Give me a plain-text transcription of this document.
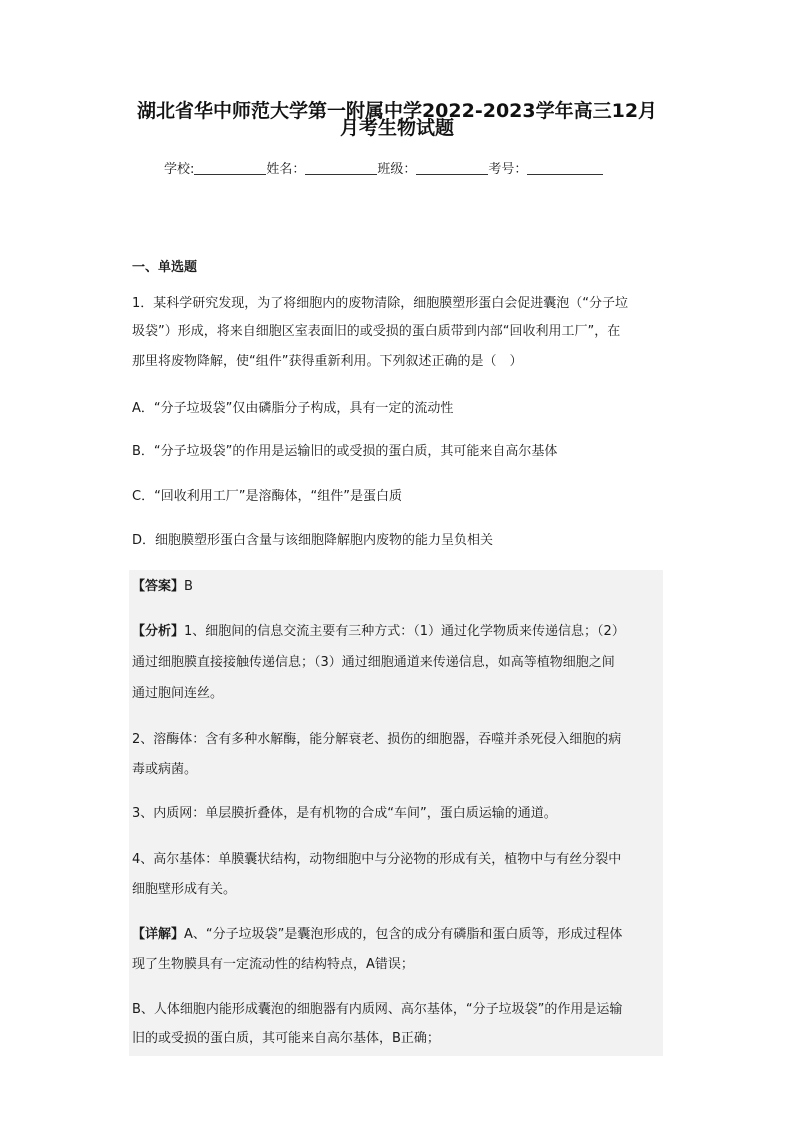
湖北省华中师范大学第一附属中学2022-2023学年高三12月
月考生物试题
学校:	姓名：	班级：	考号：
一、单选题
1．某科学研究发现，为了将细胞内的废物清除，细胞膜塑形蛋白会促进囊泡（“分子垃
圾袋”）形成，将来自细胞区室表面旧的或受损的蛋白质带到内部“回收利用工厂”，在
那里将废物降解，使“组件”获得重新利用。下列叙述正确的是（　）
A．“分子垃圾袋”仅由磷脂分子构成，具有一定的流动性
B．“分子垃圾袋”的作用是运输旧的或受损的蛋白质，其可能来自高尔基体
C．“回收利用工厂”是溶酶体，“组件”是蛋白质
D．细胞膜塑形蛋白含量与该细胞降解胞内废物的能力呈负相关
【答案】B
【分析】1、细胞间的信息交流主要有三种方式：（1）通过化学物质来传递信息；（2）
通过细胞膜直接接触传递信息；（3）通过细胞通道来传递信息，如高等植物细胞之间
通过胞间连丝。
2、溶酶体：含有多种水解酶，能分解衰老、损伤的细胞器，吞噬并杀死侵入细胞的病
毒或病菌。
3、内质网：单层膜折叠体，是有机物的合成“车间”，蛋白质运输的通道。
4、高尔基体：单膜囊状结构，动物细胞中与分泌物的形成有关，植物中与有丝分裂中
细胞壁形成有关。
【详解】A、“分子垃圾袋”是囊泡形成的，包含的成分有磷脂和蛋白质等，形成过程体
现了生物膜具有一定流动性的结构特点，A错误；
B、人体细胞内能形成囊泡的细胞器有内质网、高尔基体，“分子垃圾袋”的作用是运输
旧的或受损的蛋白质，其可能来自高尔基体，B正确；
